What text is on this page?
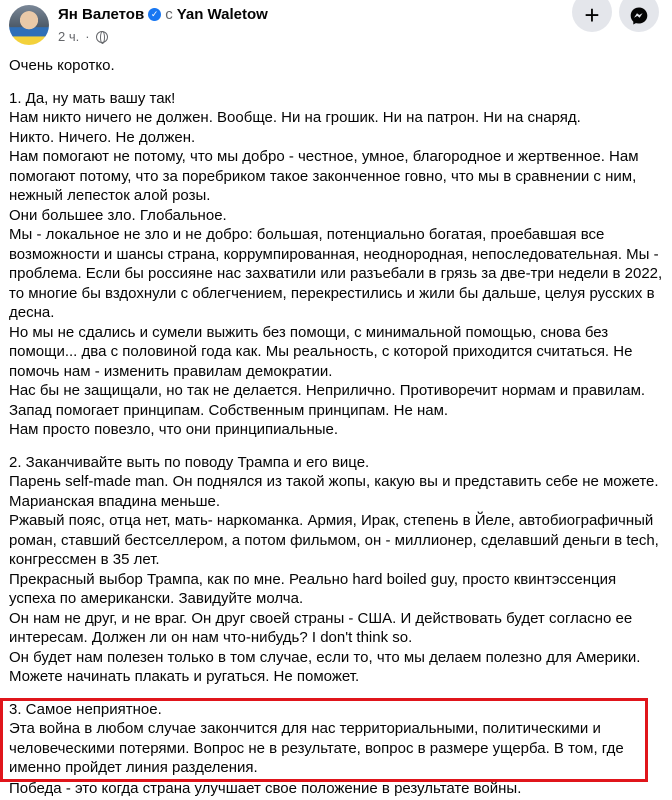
Ян Валетов ✓ с Yan Waletow
2 ч. ·
+

Очень коротко.

1. Да, ну мать вашу так!
Нам никто ничего не должен. Вообще. Ни на грошик. Ни на патрон. Ни на снаряд.
Никто. Ничего. Не должен.
Нам помогают не потому, что мы добро - честное, умное, благородное и жертвенное. Нам
помогают потому, что за поребриком такое законченное говно, что мы в сравнении с ним,
нежный лепесток алой розы.
Они большее зло. Глобальное.
Мы - локальное не зло и не добро: большая, потенциально богатая, проебавшая все
возможности и шансы страна, коррумпированная, неоднородная, непоследовательная. Мы -
проблема. Если бы россияне нас захватили или разъебали в грязь за две-три недели в 2022,
то многие бы вздохнули с облегчением, перекрестились и жили бы дальше, целуя русских в
десна.
Но мы не сдались и сумели выжить без помощи, с минимальной помощью, снова без
помощи... два с половиной года как. Мы реальность, с которой приходится считаться. Не
помочь нам - изменить правилам демократии.
Нас бы не защищали, но так не делается. Неприлично. Противоречит нормам и правилам.
Запад помогает принципам. Собственным принципам. Не нам.
Нам просто повезло, что они принципиальные.
2. Заканчивайте выть по поводу Трампа и его вице.
Парень self-made man. Он поднялся из такой жопы, какую вы и представить себе не можете.
Марианская впадина меньше.
Ржавый пояс, отца нет, мать- наркоманка. Армия, Ирак, степень в Йеле, автобиографичный
роман, ставший бестселлером, а потом фильмом, он - миллионер, сделавший деньги в tech,
конгрессмен в 35 лет.
Прекрасный выбор Трампа, как по мне. Реально hard boiled guy, просто квинтэссенция
успеха по американски. Завидуйте молча.
Он нам не друг, и не враг. Он друг своей страны - США. И действовать будет согласно ее
интересам. Должен ли он нам что-нибудь? I don't think so.
Он будет нам полезен только в том случае, если то, что мы делаем полезно для Америки.
Можете начинать плакать и ругаться. Не поможет.
3. Самое неприятное.
Эта война в любом случае закончится для нас территориальными, политическими и
человеческими потерями. Вопрос не в результате, вопрос в размере ущерба. В том, где
именно пройдет линия разделения.
Победа - это когда страна улучшает свое положение в результате войны.
